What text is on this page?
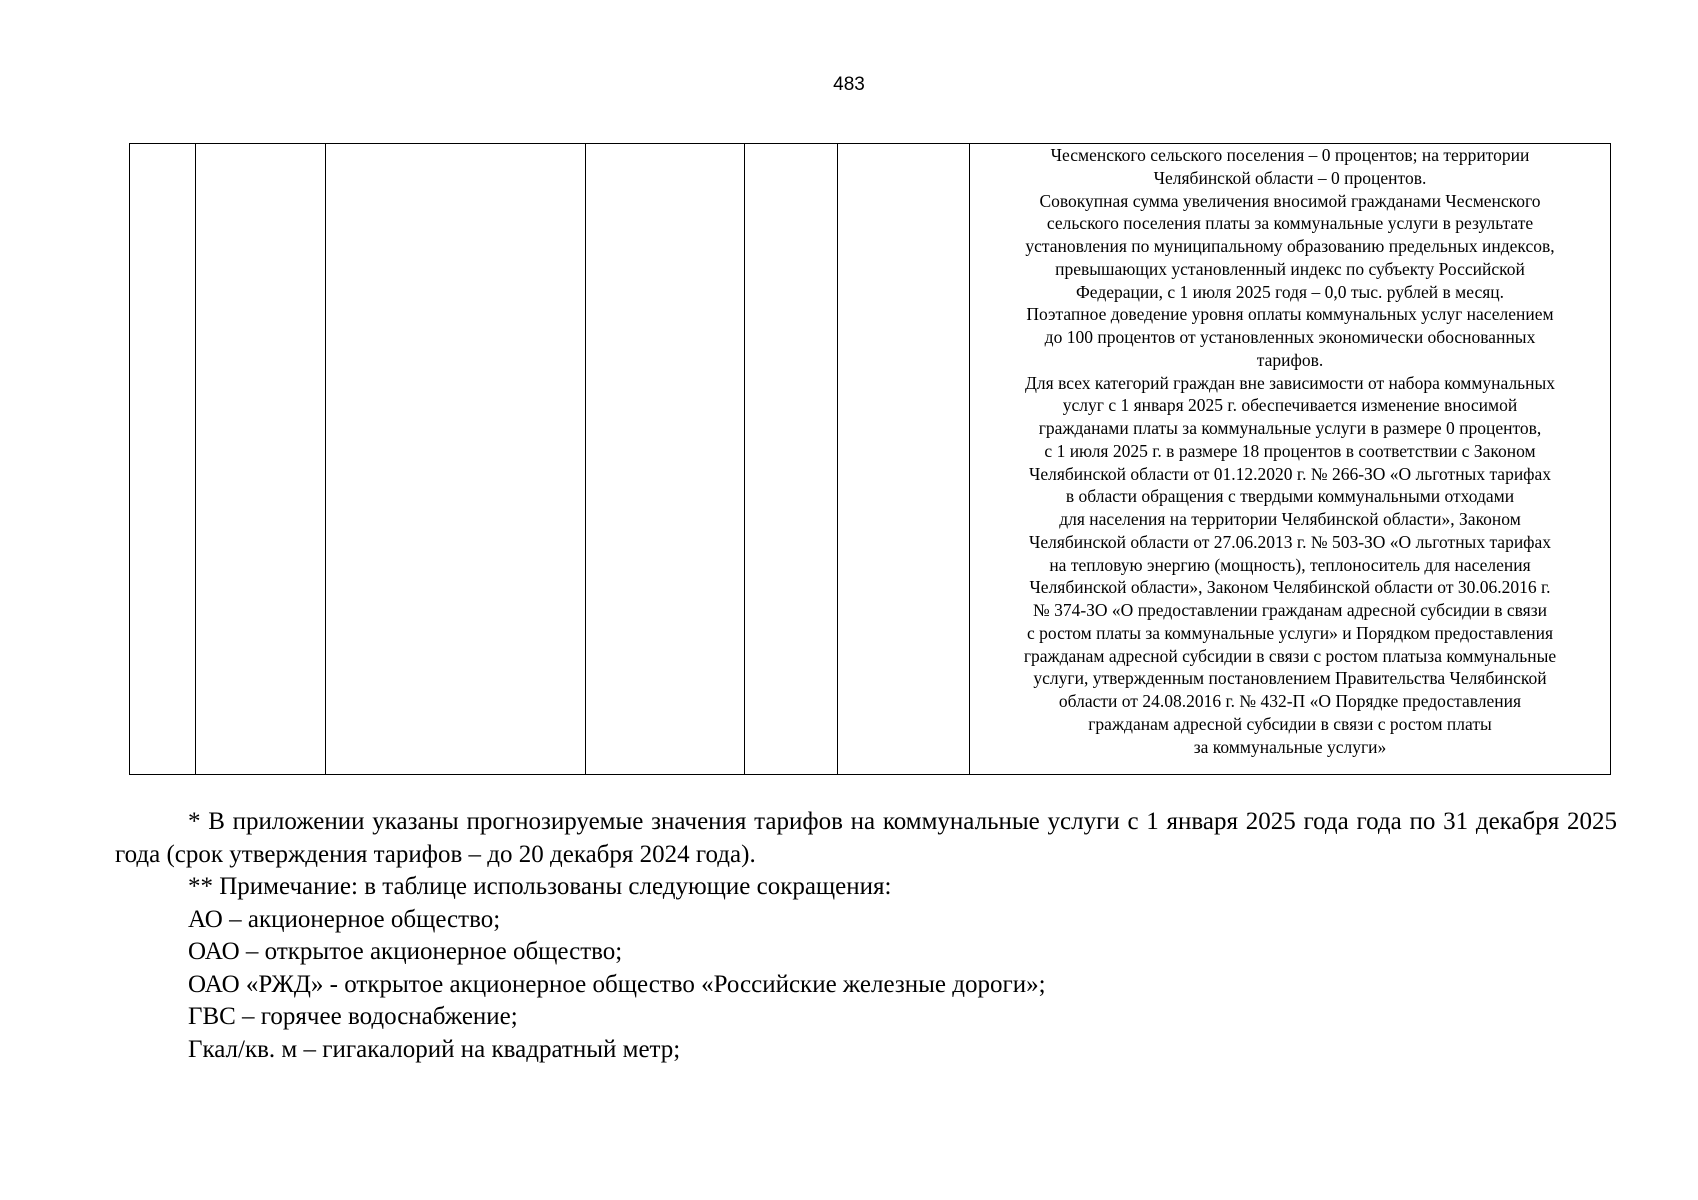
483

Чесменского сельского поселения – 0 процентов; на территории

Челябинской области – 0 процентов.

Совокупная сумма увеличения вносимой гражданами Чесменского

сельского поселения платы за коммунальные услуги в результате

установления по муниципальному образованию предельных индексов,

превышающих установленный индекс по субъекту Российской

Федерации, с 1 июля 2025 годя – 0,0 тыс. рублей в месяц.

Поэтапное доведение уровня оплаты коммунальных услуг населением

до 100 процентов от установленных экономически обоснованных

тарифов.

Для всех категорий граждан вне зависимости от набора коммунальных

услуг с 1 января 2025 г. обеспечивается изменение вносимой

гражданами платы за коммунальные услуги в размере 0 процентов,

с 1 июля 2025 г. в размере 18 процентов в соответствии с Законом

Челябинской области от 01.12.2020 г. № 266-ЗО «О льготных тарифах

в области обращения с твердыми коммунальными отходами

для населения на территории Челябинской области», Законом

Челябинской области от 27.06.2013 г. № 503-ЗО «О льготных тарифах

на тепловую энергию (мощность), теплоноситель для населения

Челябинской области», Законом Челябинской области от 30.06.2016 г.

№ 374-ЗО «О предоставлении гражданам адресной субсидии в связи

с ростом платы за коммунальные услуги» и Порядком предоставления

гражданам адресной субсидии в связи с ростом платыза коммунальные

услуги, утвержденным постановлением Правительства Челябинской

области от 24.08.2016 г. № 432-П «О Порядке предоставления

гражданам адресной субсидии в связи с ростом платы

за коммунальные услуги»

* В приложении указаны прогнозируемые значения тарифов на коммунальные услуги с 1 января 2025 года года по 31 декабря 2025 года (срок утверждения тарифов – до 20 декабря 2024 года).

** Примечание: в таблице использованы следующие сокращения:

АО – акционерное общество;

ОАО – открытое акционерное общество;

ОАО «РЖД» - открытое акционерное общество «Российские железные дороги»;

ГВС – горячее водоснабжение;

Гкал/кв. м – гигакалорий на квадратный метр;
